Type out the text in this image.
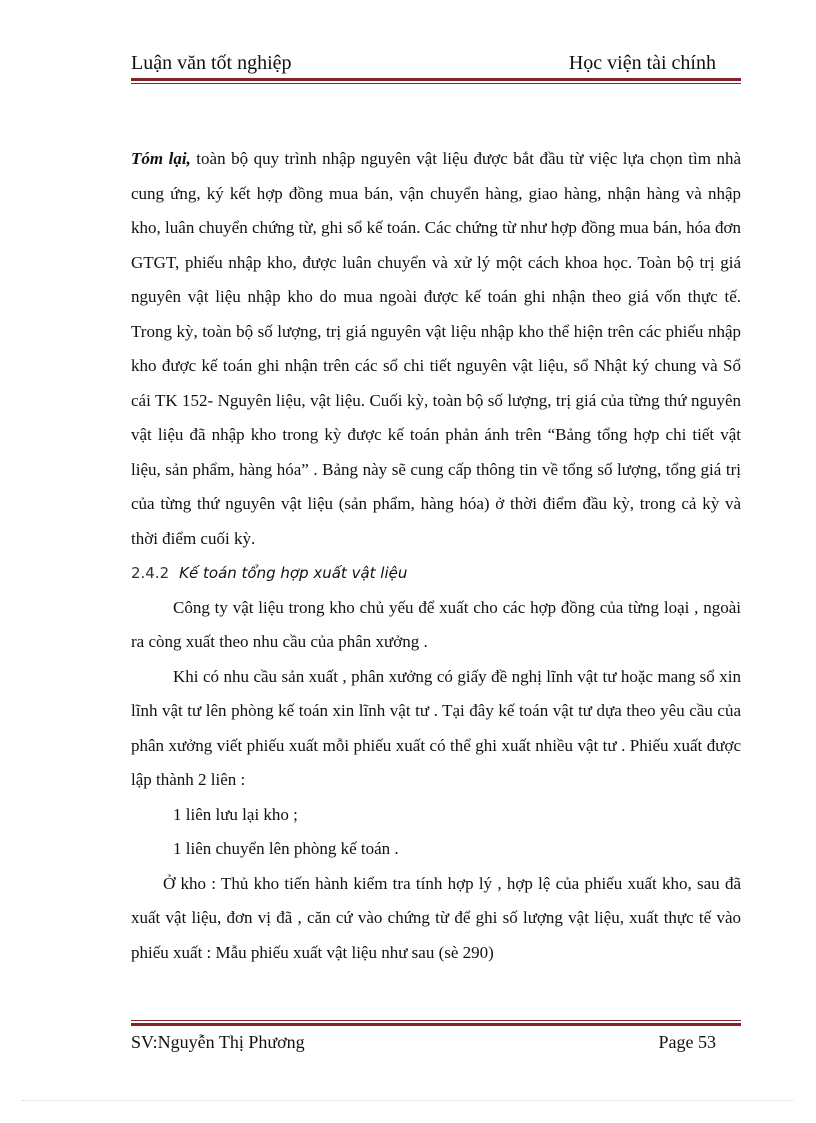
Luận văn tốt nghiệp	Học viện tài chính

Tóm lại, toàn bộ quy trình nhập nguyên vật liệu được bắt đầu từ việc lựa chọn tìm nhà cung ứng, ký kết hợp đồng mua bán, vận chuyển hàng, giao hàng, nhận hàng và nhập kho, luân chuyển chứng từ, ghi sổ kế toán. Các chứng từ như hợp đồng mua bán, hóa đơn GTGT, phiếu nhập kho, được luân chuyển và xử lý một cách khoa học. Toàn bộ trị giá nguyên vật liệu nhập kho do mua ngoài được kế toán ghi nhận theo giá vốn thực tế. Trong kỳ, toàn bộ số lượng, trị giá nguyên vật liệu nhập kho thể hiện trên các phiếu nhập kho được kế toán ghi nhận trên các sổ chi tiết nguyên vật liệu, sổ Nhật ký chung và Sổ cái TK 152- Nguyên liệu, vật liệu. Cuối kỳ, toàn bộ số lượng, trị giá của từng thứ nguyên vật liệu đã nhập kho trong kỳ được kế toán phản ánh trên “Bảng tổng hợp chi tiết vật liệu, sản phẩm, hàng hóa” . Bảng này sẽ cung cấp thông tin về tổng số lượng, tổng giá trị của từng thứ nguyên vật liệu (sản phẩm, hàng hóa) ở thời điểm đầu kỳ, trong cả kỳ và thời điểm cuối kỳ.

2.4.2 Kế toán tổng hợp xuất vật liệu

Công ty vật liệu trong kho chủ yếu để xuất cho các hợp đồng của từng loại , ngoài ra còng xuất theo nhu cầu của phân xưởng .

Khi có nhu cầu sản xuất , phân xưởng có giấy đề nghị lĩnh vật tư hoặc mang sổ xin lĩnh vật tư lên phòng kế toán xin lĩnh vật tư . Tại đây kế toán vật tư dựa theo yêu cầu của phân xưởng viết phiếu xuất mỗi phiếu xuất có thể ghi xuất nhiều vật tư . Phiếu xuất được lập thành 2 liên :

1 liên lưu lại kho ;

1 liên chuyển lên phòng kế toán .

Ở kho : Thủ kho tiến hành kiểm tra tính hợp lý , hợp lệ của phiếu xuất kho, sau đã xuất vật liệu, đơn vị đã , căn cứ vào chứng từ để ghi số lượng vật liệu, xuất thực tế vào phiếu xuất : Mẫu phiếu xuất vật liệu như sau (sè 290)

SV:Nguyễn Thị Phương	Page 53
